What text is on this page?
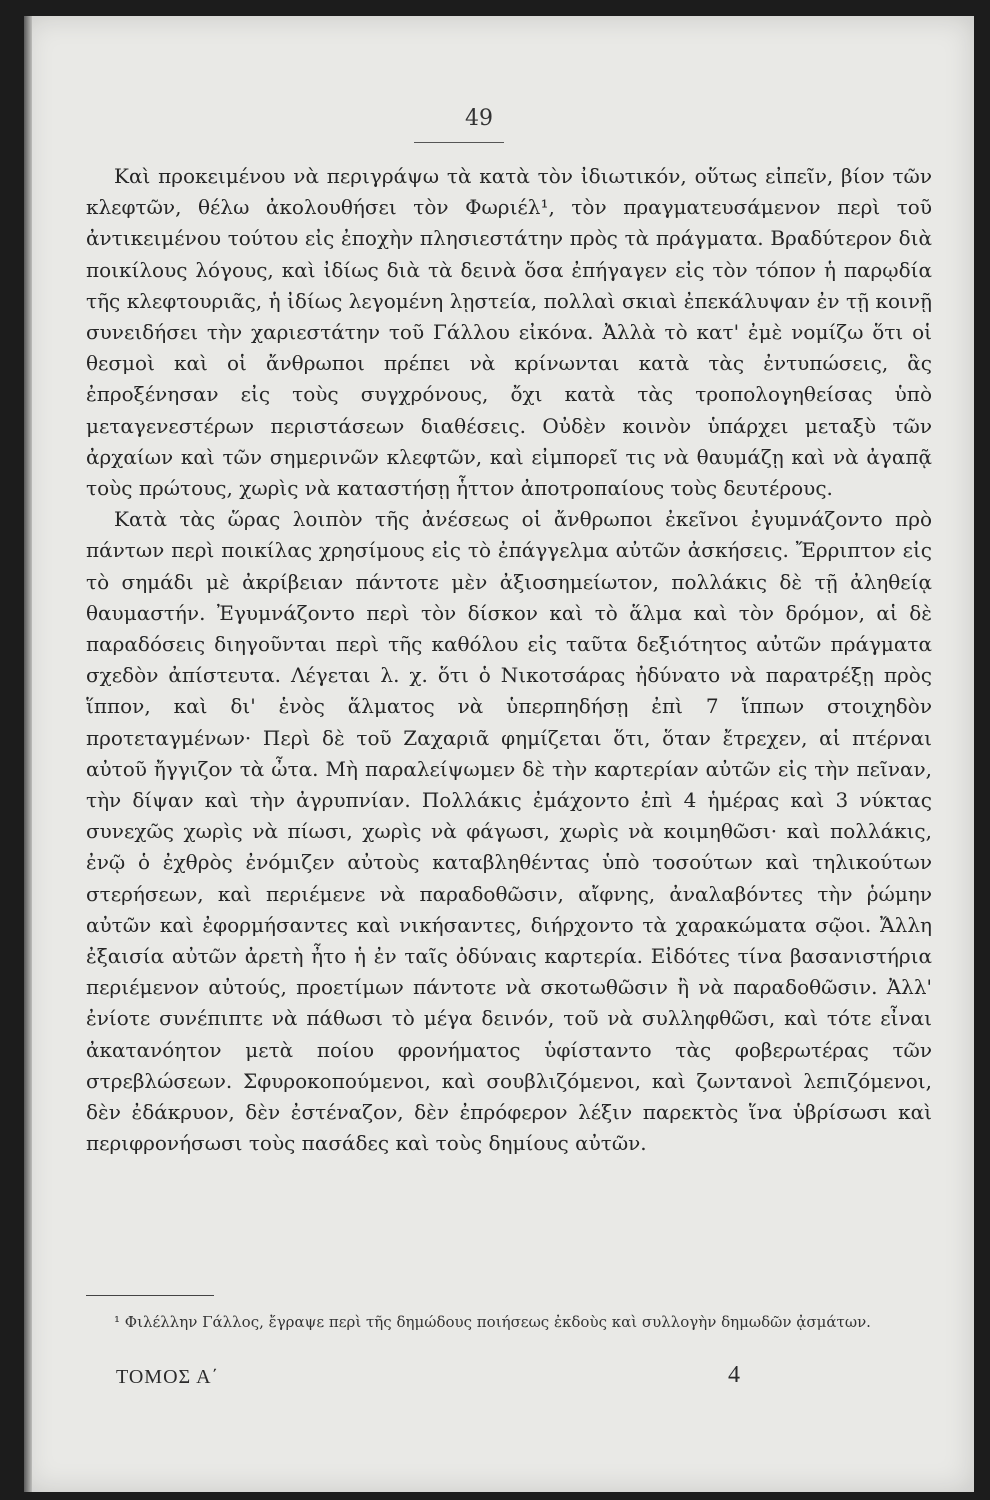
49

Καὶ προκειμένου νὰ περιγράψω τὰ κατὰ τὸν ἰδιωτικόν, οὕτως εἰπεῖν, βίον τῶν κλεφτῶν, θέλω ἀκολουθήσει τὸν Φωριέλ¹, τὸν πραγματευσάμενον περὶ τοῦ ἀντικειμένου τούτου εἰς ἐποχὴν πλησιεστάτην πρὸς τὰ πράγματα. Βραδύτερον διὰ ποικίλους λόγους, καὶ ἰδίως διὰ τὰ δεινὰ ὅσα ἐπήγαγεν εἰς τὸν τόπον ἡ παρῳδία τῆς κλεφτουριᾶς, ἡ ἰδίως λεγομένη λῃστεία, πολλαὶ σκιαὶ ἐπεκάλυψαν ἐν τῇ κοινῇ συνειδήσει τὴν χαριεστάτην τοῦ Γάλλου εἰκόνα. Ἀλλὰ τὸ κατ' ἐμὲ νομίζω ὅτι οἱ θεσμοὶ καὶ οἱ ἄνθρωποι πρέπει νὰ κρίνωνται κατὰ τὰς ἐντυπώσεις, ἃς ἐπροξένησαν εἰς τοὺς συγχρόνους, ὄχι κατὰ τὰς τροπολογηθείσας ὑπὸ μεταγενεστέρων περιστάσεων διαθέσεις. Οὐδὲν κοινὸν ὑπάρχει μεταξὺ τῶν ἀρχαίων καὶ τῶν σημερινῶν κλεφτῶν, καὶ εἰμπορεῖ τις νὰ θαυμάζῃ καὶ νὰ ἀγαπᾷ τοὺς πρώτους, χωρὶς νὰ καταστήσῃ ἧττον ἀποτροπαίους τοὺς δευτέρους.

Κατὰ τὰς ὥρας λοιπὸν τῆς ἀνέσεως οἱ ἄνθρωποι ἐκεῖνοι ἐγυμνάζοντο πρὸ πάντων περὶ ποικίλας χρησίμους εἰς τὸ ἐπάγγελμα αὐτῶν ἀσκήσεις. Ἔρριπτον εἰς τὸ σημάδι μὲ ἀκρίβειαν πάντοτε μὲν ἀξιοσημείωτον, πολλάκις δὲ τῇ ἀληθείᾳ θαυμαστήν. Ἐγυμνάζοντο περὶ τὸν δίσκον καὶ τὸ ἅλμα καὶ τὸν δρόμον, αἱ δὲ παραδόσεις διηγοῦνται περὶ τῆς καθόλου εἰς ταῦτα δεξιότητος αὐτῶν πράγματα σχεδὸν ἀπίστευτα. Λέγεται λ. χ. ὅτι ὁ Νικοτσάρας ἠδύνατο νὰ παρατρέξῃ πρὸς ἵππον, καὶ δι' ἑνὸς ἅλματος νὰ ὑπερπηδήσῃ ἐπὶ 7 ἵππων στοιχηδὸν προτεταγμένων· Περὶ δὲ τοῦ Ζαχαριᾶ φημίζεται ὅτι, ὅταν ἔτρεχεν, αἱ πτέρναι αὐτοῦ ἤγγιζον τὰ ὦτα. Μὴ παραλείψωμεν δὲ τὴν καρτερίαν αὐτῶν εἰς τὴν πεῖναν, τὴν δίψαν καὶ τὴν ἀγρυπνίαν. Πολλάκις ἐμάχοντο ἐπὶ 4 ἡμέρας καὶ 3 νύκτας συνεχῶς χωρὶς νὰ πίωσι, χωρὶς νὰ φάγωσι, χωρὶς νὰ κοιμηθῶσι· καὶ πολλάκις, ἐνῷ ὁ ἐχθρὸς ἐνόμιζεν αὐτοὺς καταβληθέντας ὑπὸ τοσούτων καὶ τηλικούτων στερήσεων, καὶ περιέμενε νὰ παραδοθῶσιν, αἴφνης, ἀναλαβόντες τὴν ῥώμην αὐτῶν καὶ ἐφορμήσαντες καὶ νικήσαντες, διήρχοντο τὰ χαρακώματα σῷοι. Ἄλλη ἐξαισία αὐτῶν ἀρετὴ ἦτο ἡ ἐν ταῖς ὀδύναις καρτερία. Εἰδότες τίνα βασανιστήρια περιέμενον αὐτούς, προετίμων πάντοτε νὰ σκοτωθῶσιν ἢ νὰ παραδοθῶσιν. Ἀλλ' ἐνίοτε συνέπιπτε νὰ πάθωσι τὸ μέγα δεινόν, τοῦ νὰ συλληφθῶσι, καὶ τότε εἶναι ἀκατανόητον μετὰ ποίου φρονήματος ὑφίσταντο τὰς φοβερωτέρας τῶν στρεβλώσεων. Σφυροκοπούμενοι, καὶ σουβλιζόμενοι, καὶ ζωντανοὶ λεπιζόμενοι, δὲν ἐδάκρυον, δὲν ἐστέναζον, δὲν ἐπρόφερον λέξιν παρεκτὸς ἵνα ὑβρίσωσι καὶ περιφρονήσωσι τοὺς πασάδες καὶ τοὺς δημίους αὐτῶν.

¹ Φιλέλλην Γάλλος, ἔγραψε περὶ τῆς δημώδους ποιήσεως ἐκδοὺς καὶ συλλογὴν δημωδῶν ᾀσμάτων.

ΤΟΜΟΣ Α΄	4
